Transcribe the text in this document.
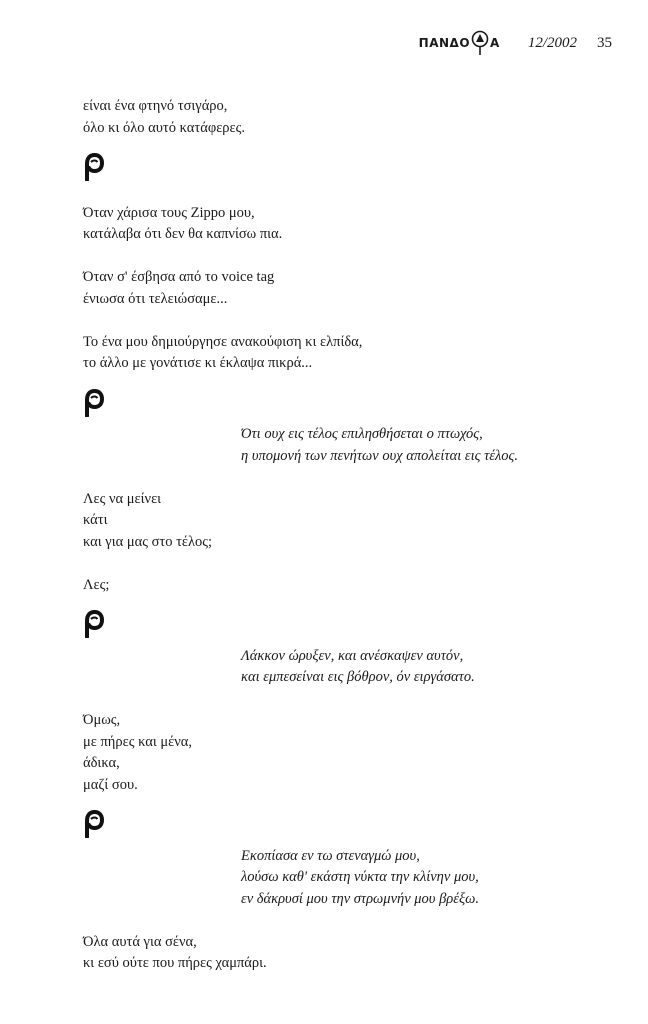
ΠΑΝΔΟ Α 12/2002 35

είναι ένα φτηνό τσιγάρο,

όλο κι όλο αυτό κατάφερες.

Όταν χάρισα τους Zippo μου,

κατάλαβα ότι δεν θα καπνίσω πια.

Όταν σ' έσβησα από το voice tag

ένιωσα ότι τελειώσαμε...

Το ένα μου δημιούργησε ανακούφιση κι ελπίδα,

το άλλο με γονάτισε κι έκλαψα πικρά...

Ότι ουχ εις τέλος επιλησθήσεται ο πτωχός,

η υπομονή των πενήτων ουχ απολείται εις τέλος.

Λες να μείνει

κάτι

και για μας στο τέλος;

Λες;

Λάκκον ώρυξεν, και ανέσκαψεν αυτόν,

και εμπεσείναι εις βόθρον, όν ειργάσατο.

Όμως,

με πήρες και μένα,

άδικα,

μαζί σου.

Εκοπίασα εν τω στεναγμώ μου,

λούσω καθ' εκάστη νύκτα την κλίνην μου,

εν δάκρυσί μου την στρωμνήν μου βρέξω.

Όλα αυτά για σένα,

κι εσύ ούτε που πήρες χαμπάρι.
